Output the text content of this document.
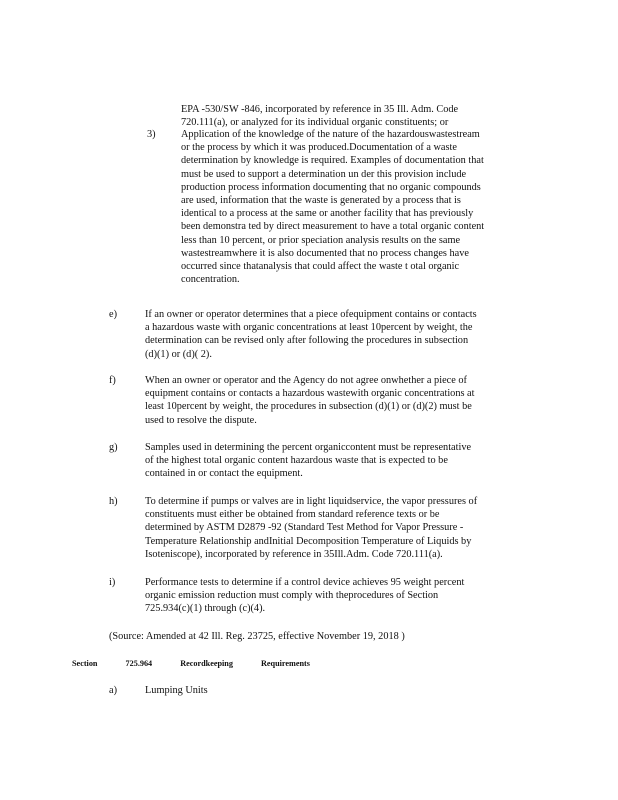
EPA -530/SW -846, incorporated by reference in 35 Ill. Adm. Code
720.111(a), or analyzed for its individual organic constituents; or
3) Application of the knowledge of the nature of the hazardouswastestream
or the process by which it was produced.Documentation of a waste
determination by knowledge is required. Examples of documentation that
must be used to support a determination un der this provision include
production process information documenting that no organic compounds
are used, information that the waste is generated by a process that is
identical to a process at the same or another facility that has previously
been demonstra ted by direct measurement to have a total organic content
less than 10 percent, or prior speciation analysis results on the same
wastestreamwhere it is also documented that no process changes have
occurred since thatanalysis that could affect the waste t otal organic
concentration.
e)	If an owner or operator determines that a piece ofequipment contains or contacts
a hazardous waste with organic concentrations at least 10percent by weight, the
determination can be revised only after following the procedures in subsection
(d)(1) or (d)( 2).
f)	When an owner or operator and the Agency do not agree onwhether a piece of
equipment contains or contacts a hazardous wastewith organic concentrations at
least 10percent by weight, the procedures in subsection (d)(1) or (d)(2) must be
used to resolve the dispute.
g)	Samples used in determining the percent organiccontent must be representative
of the highest total organic content hazardous waste that is expected to be
contained in or contact the equipment.
h)	To determine if pumps or valves are in light liquidservice, the vapor pressures of
constituents must either be obtained from standard reference texts or be
determined by ASTM D2879 -92 (Standard Test Method for Vapor Pressure -
Temperature Relationship andInitial Decomposition Temperature of Liquids by
Isoteniscope), incorporated by reference in 35Ill.Adm. Code 720.111(a).
i)	Performance tests to determine if a control device achieves 95 weight percent
organic emission reduction must comply with theprocedures of Section
725.934(c)(1) through (c)(4).
(Source: Amended at 42 Ill. Reg. 23725, effective November 19, 2018 )
Section	725.964	Recordkeeping	Requirements
a)	Lumping Units
